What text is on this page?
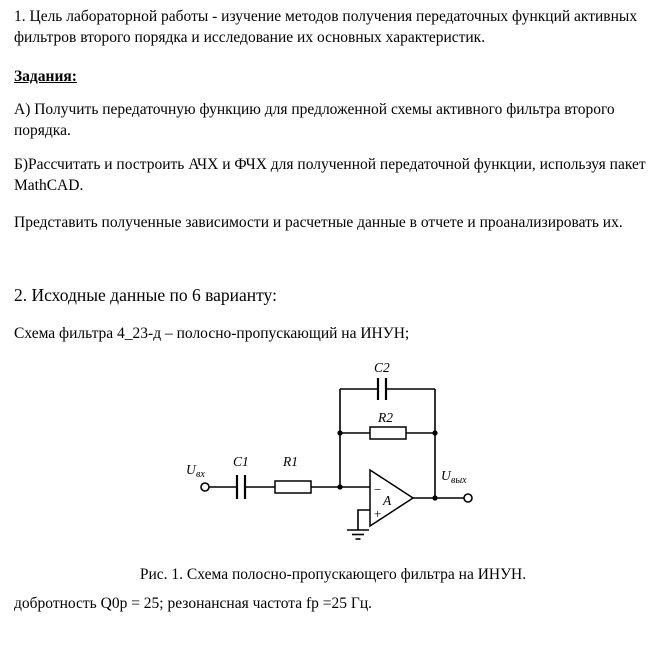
1. Цель лабораторной работы - изучение методов получения передаточных функций активных фильтров второго порядка и исследование их основных характеристик.

Задания:

А) Получить передаточную функцию для предложенной схемы активного фильтра второго порядка.

Б)Рассчитать и построить АЧХ и ФЧХ для полученной передаточной функции, используя пакет MathCAD.

Представить полученные зависимости и расчетные данные в отчете и проанализировать их.

2. Исходные данные по 6 варианту:

Схема фильтра 4_23-д – полосно-пропускающий на ИНУН;

U вх
C1	R1
C2
R2
−
A
+
U вых

Рис. 1. Схема полосно-пропускающего фильтра на ИНУН.

добротность Q0р = 25; резонансная частота fр =25 Гц.
